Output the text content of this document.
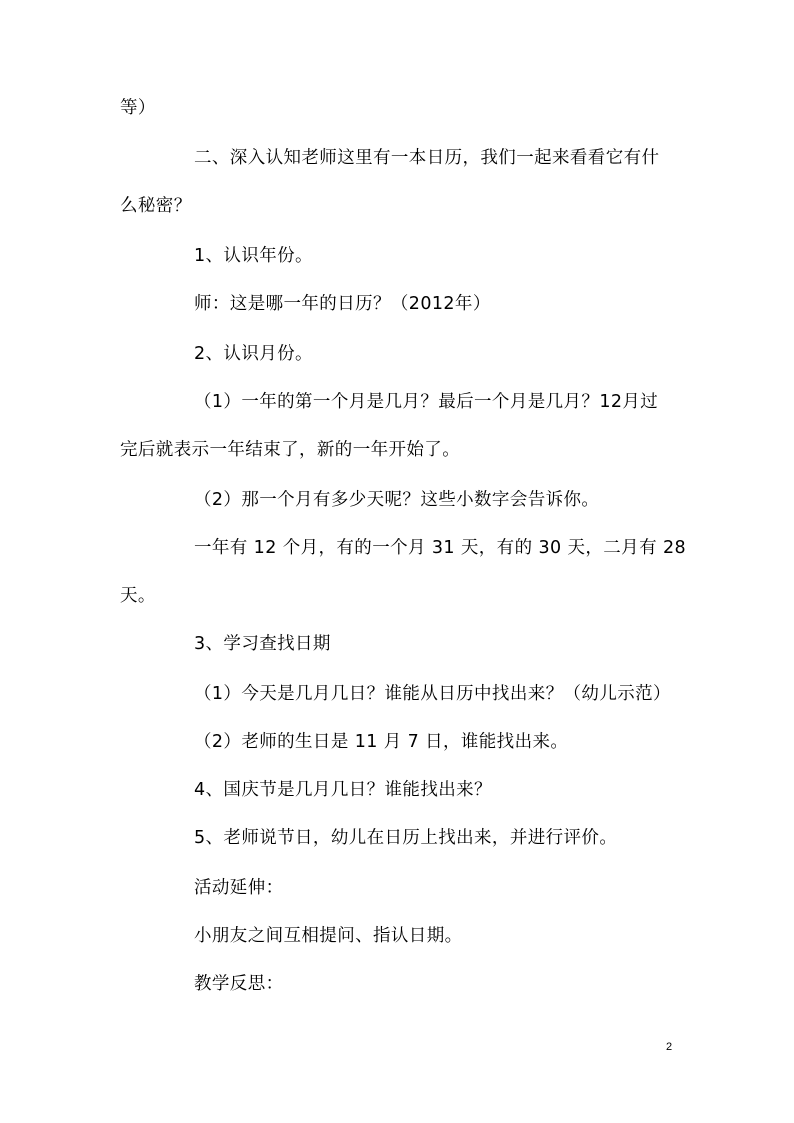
等）
二、深入认知老师这里有一本日历，我们一起来看看它有什
么秘密？
1、认识年份。
师：这是哪一年的日历？（2012年）
2、认识月份。
（1）一年的第一个月是几月？最后一个月是几月？12月过
完后就表示一年结束了，新的一年开始了。
（2）那一个月有多少天呢？这些小数字会告诉你。
一年有 12 个月，有的一个月 31 天，有的 30 天，二月有 28
天。
3、学习查找日期
（1）今天是几月几日？谁能从日历中找出来？（幼儿示范）
（2）老师的生日是 11 月 7 日，谁能找出来。
4、国庆节是几月几日？谁能找出来？
5、老师说节日，幼儿在日历上找出来，并进行评价。
活动延伸：
小朋友之间互相提问、指认日期。
教学反思：
2
